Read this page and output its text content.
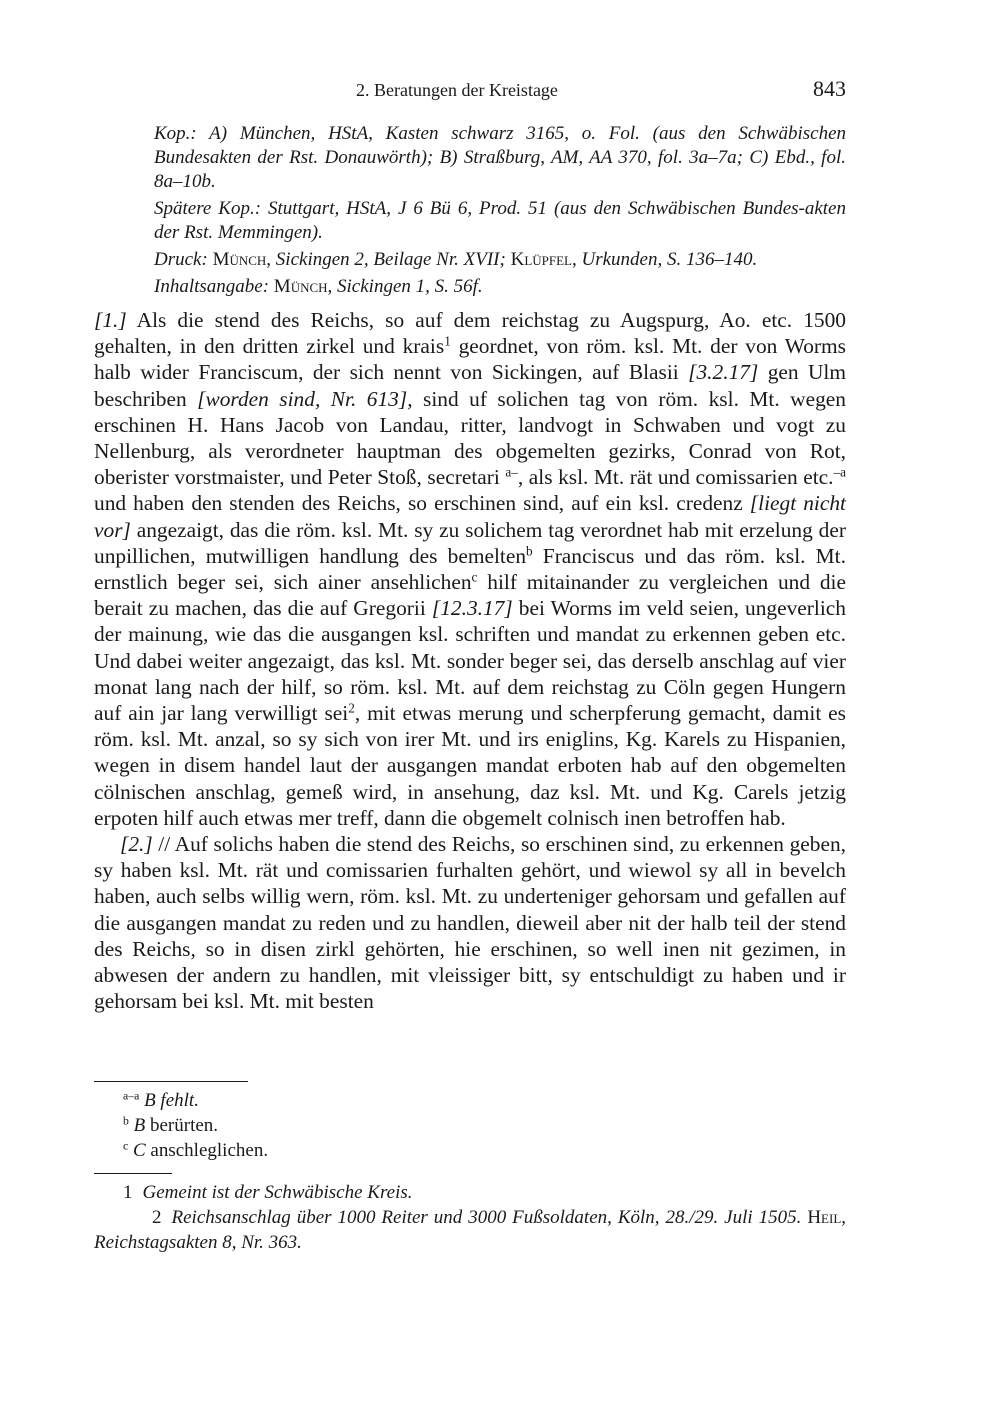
2. Beratungen der Kreistage	843

Kop.: A) München, HStA, Kasten schwarz 3165, o. Fol. (aus den Schwäbischen Bundesakten der Rst. Donauwörth); B) Straßburg, AM, AA 370, fol. 3a–7a; C) Ebd., fol. 8a–10b.

Spätere Kop.: Stuttgart, HStA, J 6 Bü 6, Prod. 51 (aus den Schwäbischen Bundes-akten der Rst. Memmingen).

Druck: Münch, Sickingen 2, Beilage Nr. XVII; Klüpfel, Urkunden, S. 136–140.

Inhaltsangabe: Münch, Sickingen 1, S. 56f.

[1.] Als die stend des Reichs, so auf dem reichstag zu Augspurg, Ao. etc. 1500 gehalten, in den dritten zirkel und krais$^1$ geordnet, von röm. ksl. Mt. der von Worms halb wider Franciscum, der sich nennt von Sickingen, auf Blasii [3.2.17] gen Ulm beschriben [worden sind, Nr. 613], sind uf solichen tag von röm. ksl. Mt. wegen erschinen H. Hans Jacob von Landau, ritter, landvogt in Schwaben und vogt zu Nellenburg, als verordneter hauptman des obgemelten gezirks, Conrad von Rot, oberister vorstmaister, und Peter Stoß, secretari $^{a-}$, als ksl. Mt. rät und comissarien etc.$^{-a}$ und haben den stenden des Reichs, so erschinen sind, auf ein ksl. credenz [liegt nicht vor] angezaigt, das die röm. ksl. Mt. sy zu solichem tag verordnet hab mit erzelung der unpillichen, mutwilligen handlung des bemelten$^b$ Franciscus und das röm. ksl. Mt. ernstlich beger sei, sich ainer ansehlichen$^c$ hilf mitainander zu vergleichen und die berait zu machen, das die auf Gregorii [12.3.17] bei Worms im veld seien, ungeverlich der mainung, wie das die ausgangen ksl. schriften und mandat zu erkennen geben etc. Und dabei weiter angezaigt, das ksl. Mt. sonder beger sei, das derselb anschlag auf vier monat lang nach der hilf, so röm. ksl. Mt. auf dem reichstag zu Cöln gegen Hungern auf ain jar lang verwilligt sei$^2$, mit etwas merung und scherpferung gemacht, damit es röm. ksl. Mt. anzal, so sy sich von irer Mt. und irs eniglins, Kg. Karels zu Hispanien, wegen in disem handel laut der ausgangen mandat erboten hab auf den obgemelten cölnischen anschlag, gemeß wird, in ansehung, daz ksl. Mt. und Kg. Carels jetzig erpoten hilf auch etwas mer treff, dann die obgemelt colnisch inen betroffen hab.

[2.] // Auf solichs haben die stend des Reichs, so erschinen sind, zu erkennen geben, sy haben ksl. Mt. rät und comissarien furhalten gehört, und wiewol sy all in bevelch haben, auch selbs willig wern, röm. ksl. Mt. zu underteniger gehorsam und gefallen auf die ausgangen mandat zu reden und zu handlen, dieweil aber nit der halb teil der stend des Reichs, so in disen zirkl gehörten, hie erschinen, so well inen nit gezimen, in abwesen der andern zu handlen, mit vleissiger bitt, sy entschuldigt zu haben und ir gehorsam bei ksl. Mt. mit besten

$^{a-a}$ B fehlt.
$^b$ B berürten.
$^c$ C anschleglichen.
1 Gemeint ist der Schwäbische Kreis.
2 Reichsanschlag über 1000 Reiter und 3000 Fußsoldaten, Köln, 28./29. Juli 1505. Heil, Reichstagsakten 8, Nr. 363.
